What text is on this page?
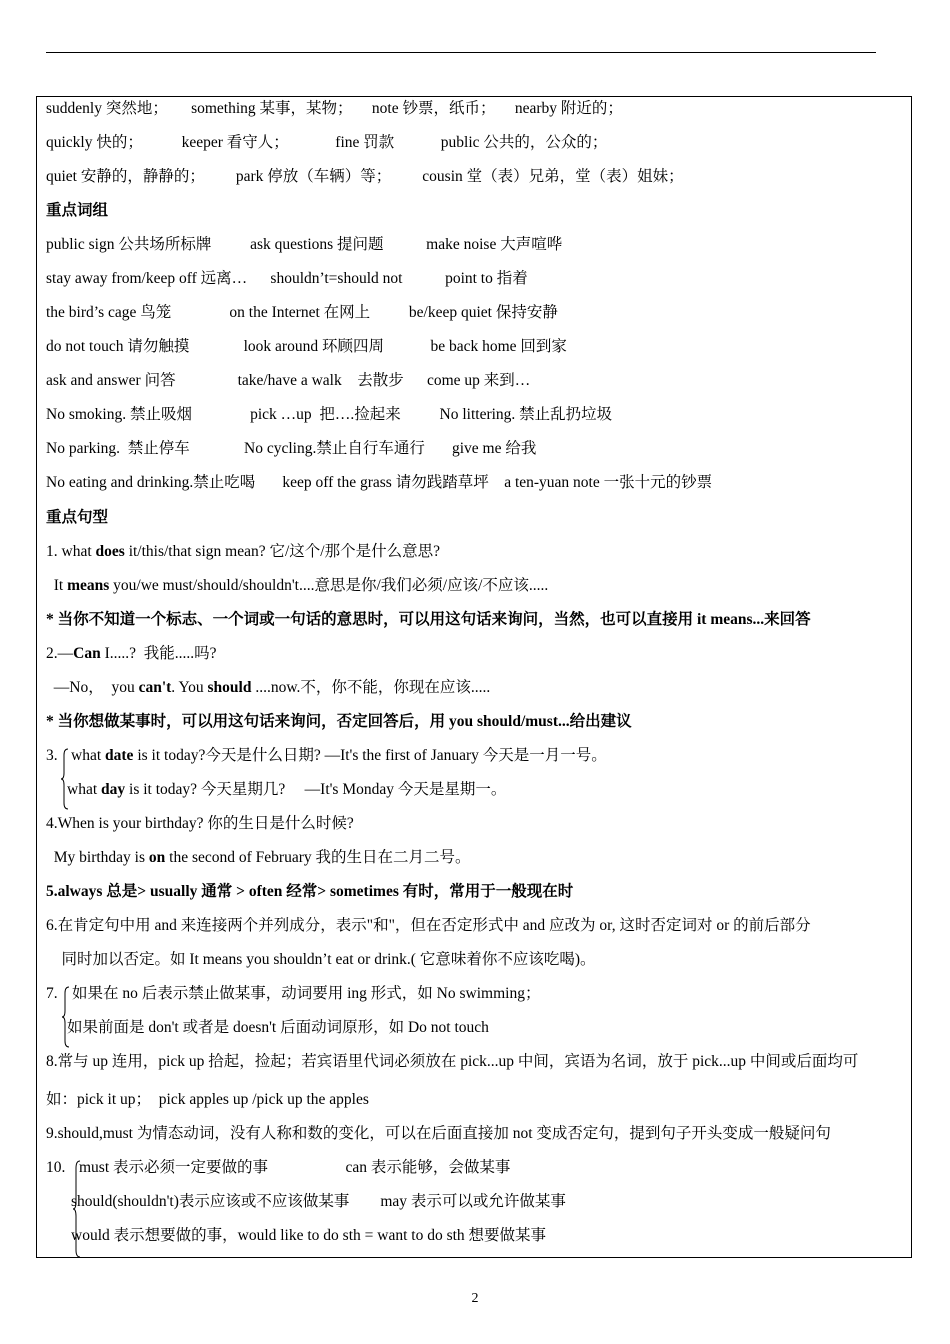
suddenly 突然地；      something 某事，某物；     note 钞票，纸币；     nearby 附近的；
quickly 快的；          keeper 看守人；            fine 罚款            public 公共的，公众的；
quiet 安静的，静静的；        park 停放（车辆）等；        cousin 堂（表）兄弟，堂（表）姐妹；
重点词组
public sign 公共场所标牌          ask questions 提问题           make noise 大声喧哗
stay away from/keep off 远离…      shouldn’t=should not           point to 指着
the bird’s cage 鸟笼               on the Internet 在网上          be/keep quiet 保持安静
do not touch 请勿触摸              look around 环顾四周            be back home 回到家
ask and answer 问答                take/have a walk    去散步      come up 来到…
No smoking. 禁止吸烟               pick …up  把….捡起来          No littering. 禁止乱扔垃圾
No parking.  禁止停车              No cycling.禁止自行车通行       give me 给我
No eating and drinking.禁止吃喝       keep off the grass 请勿践踏草坪    a ten-yuan note 一张十元的钞票
重点句型
1. what does it/this/that sign mean? 它/这个/那个是什么意思?
It means you/we must/should/shouldn't....意思是你/我们必须/应该/不应该.....
* 当你不知道一个标志、一个词或一句话的意思时，可以用这句话来询问，当然，也可以直接用 it means...来回答
2.—Can I.....?  我能.....吗?
—No，  you can't. You should ....now.不，你不能，你现在应该.....
* 当你想做某事时，可以用这句话来询问，否定回答后，用 you should/must...给出建议
3. what date is it today?今天是什么日期? —It's the first of January 今天是一月一号。
what day is it today? 今天星期几?     —It's Monday 今天是星期一。
4.When is your birthday? 你的生日是什么时候?
My birthday is on the second of February 我的生日在二月二号。
5.always 总是> usually 通常 > often 经常> sometimes 有时，常用于一般现在时
6.在肯定句中用 and 来连接两个并列成分，表示"和"，但在否定形式中 and 应改为 or, 这时否定词对 or 的前后部分
同时加以否定。如 It means you shouldn’t eat or drink.( 它意味着你不应该吃喝)。
7. 如果在 no 后表示禁止做某事，动词要用 ing 形式，如 No swimming；
如果前面是 don't 或者是 doesn't 后面动词原形，如 Do not touch
8.常与 up 连用，pick up 拾起，捡起；若宾语里代词必须放在 pick...up 中间，宾语为名词，放于 pick...up 中间或后面均可
如：pick it up；  pick apples up /pick up the apples
9.should,must 为情态动词，没有人称和数的变化，可以在后面直接加 not 变成否定句，提到句子开头变成一般疑问句
10. must 表示必须一定要做的事                    can 表示能够，会做某事
should(shouldn't)表示应该或不应该做某事        may 表示可以或允许做某事
would 表示想要做的事，would like to do sth = want to do sth 想要做某事
2
